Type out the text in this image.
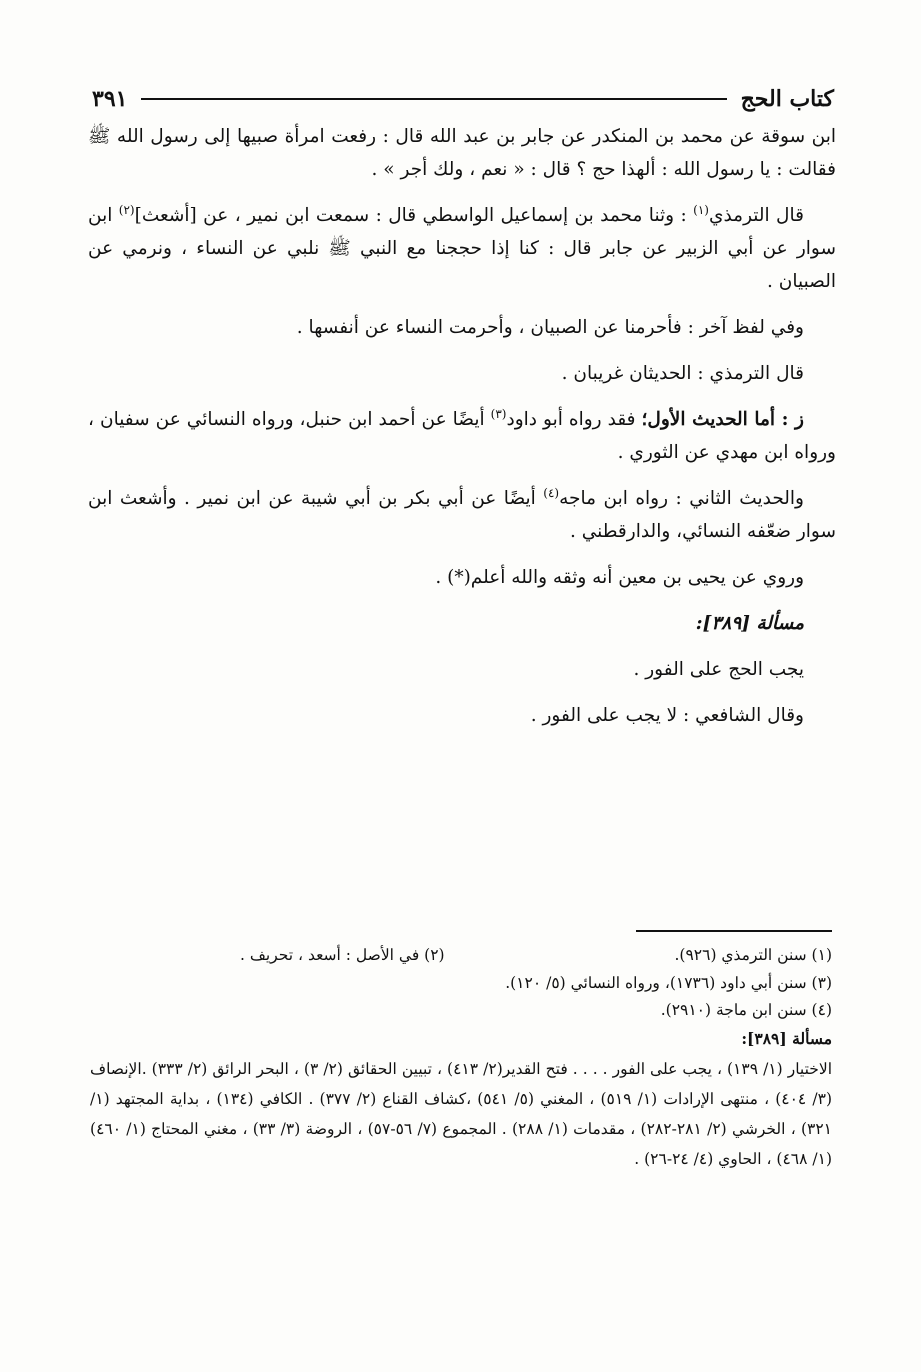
كتاب الحج
٣٩١

ابن سوقة عن محمد بن المنكدر عن جابر بن عبد الله قال : رفعت امرأة صبيها إلى رسول الله ﷺ فقالت : يا رسول الله : ألهذا حج ؟ قال : « نعم ، ولك أجر » .

قال الترمذي$^{(١)}$ : وثنا محمد بن إسماعيل الواسطي قال : سمعت ابن نمير ، عن [أشعث]$^{(٢)}$ ابن سوار عن أبي الزبير عن جابر قال : كنا إذا حججنا مع النبي ﷺ نلبي عن النساء ، ونرمي عن الصبيان .

وفي لفظ آخر : فأحرمنا عن الصبيان ، وأحرمت النساء عن أنفسها .

قال الترمذي : الحديثان غريبان .

ز : أما الحديث الأول؛ فقد رواه أبو داود$^{(٣)}$ أيضًا عن أحمد ابن حنبل، ورواه النسائي عن سفيان ، ورواه ابن مهدي عن الثوري .

والحديث الثاني : رواه ابن ماجه$^{(٤)}$ أيضًا عن أبي بكر بن أبي شيبة عن ابن نمير . وأشعث ابن سوار ضعّفه النسائي، والدارقطني .

وروي عن يحيى بن معين أنه وثقه والله أعلم(*) .

مسألة [٣٨٩]:

يجب الحج على الفور .

وقال الشافعي : لا يجب على الفور .

(١) سنن الترمذي (٩٢٦).

(٢) في الأصل : أسعد ، تحريف .

(٣) سنن أبي داود (١٧٣٦)، ورواه النسائي (٥/ ١٢٠).

(٤) سنن ابن ماجة (٢٩١٠).

مسألة [٣٨٩]:

الاختيار (١/ ١٣٩) ، يجب على الفور . . . . فتح القدير(٢/ ٤١٣) ، تبيين الحقائق (٢/ ٣) ، البحر الرائق (٢/ ٣٣٣) .الإنصاف (٣/ ٤٠٤) ، منتهى الإرادات (١/ ٥١٩) ، المغني (٥/ ٥٤١) ،كشاف القناع (٢/ ٣٧٧) . الكافي (١٣٤) ، بداية المجتهد (١/ ٣٢١) ، الخرشي (٢/ ٢٨١-٢٨٢) ، مقدمات (١/ ٢٨٨) . المجموع (٧/ ٥٦-٥٧) ، الروضة (٣/ ٣٣) ، مغني المحتاج (١/ ٤٦٠) (١/ ٤٦٨) ، الحاوي (٤/ ٢٤-٢٦) .
